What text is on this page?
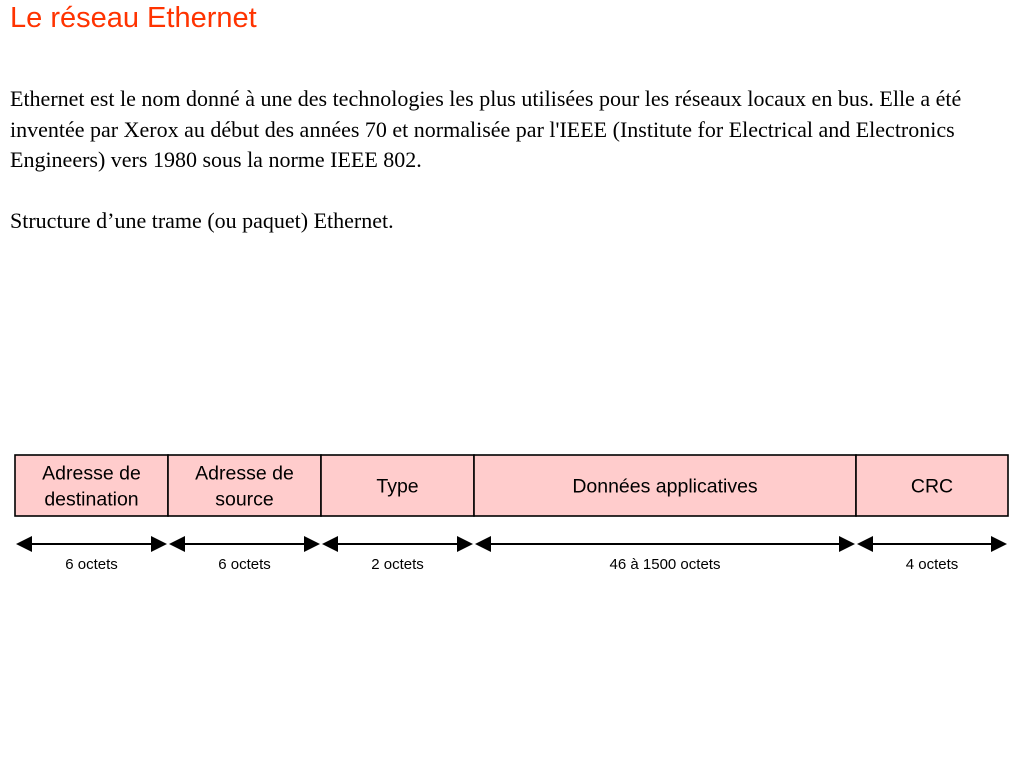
Le réseau Ethernet

Ethernet est le nom donné à une des technologies les plus utilisées pour les réseaux locaux en bus. Elle a été inventée par Xerox au début des années 70 et normalisée par l'IEEE (Institute for Electrical and Electronics Engineers) vers 1980 sous la norme IEEE 802.

Structure d’une trame (ou paquet) Ethernet.

Adresse de
destination
6 octets
Adresse de
source
6 octets
Type
2 octets
Données applicatives
46 à 1500 octets
CRC
4 octets
